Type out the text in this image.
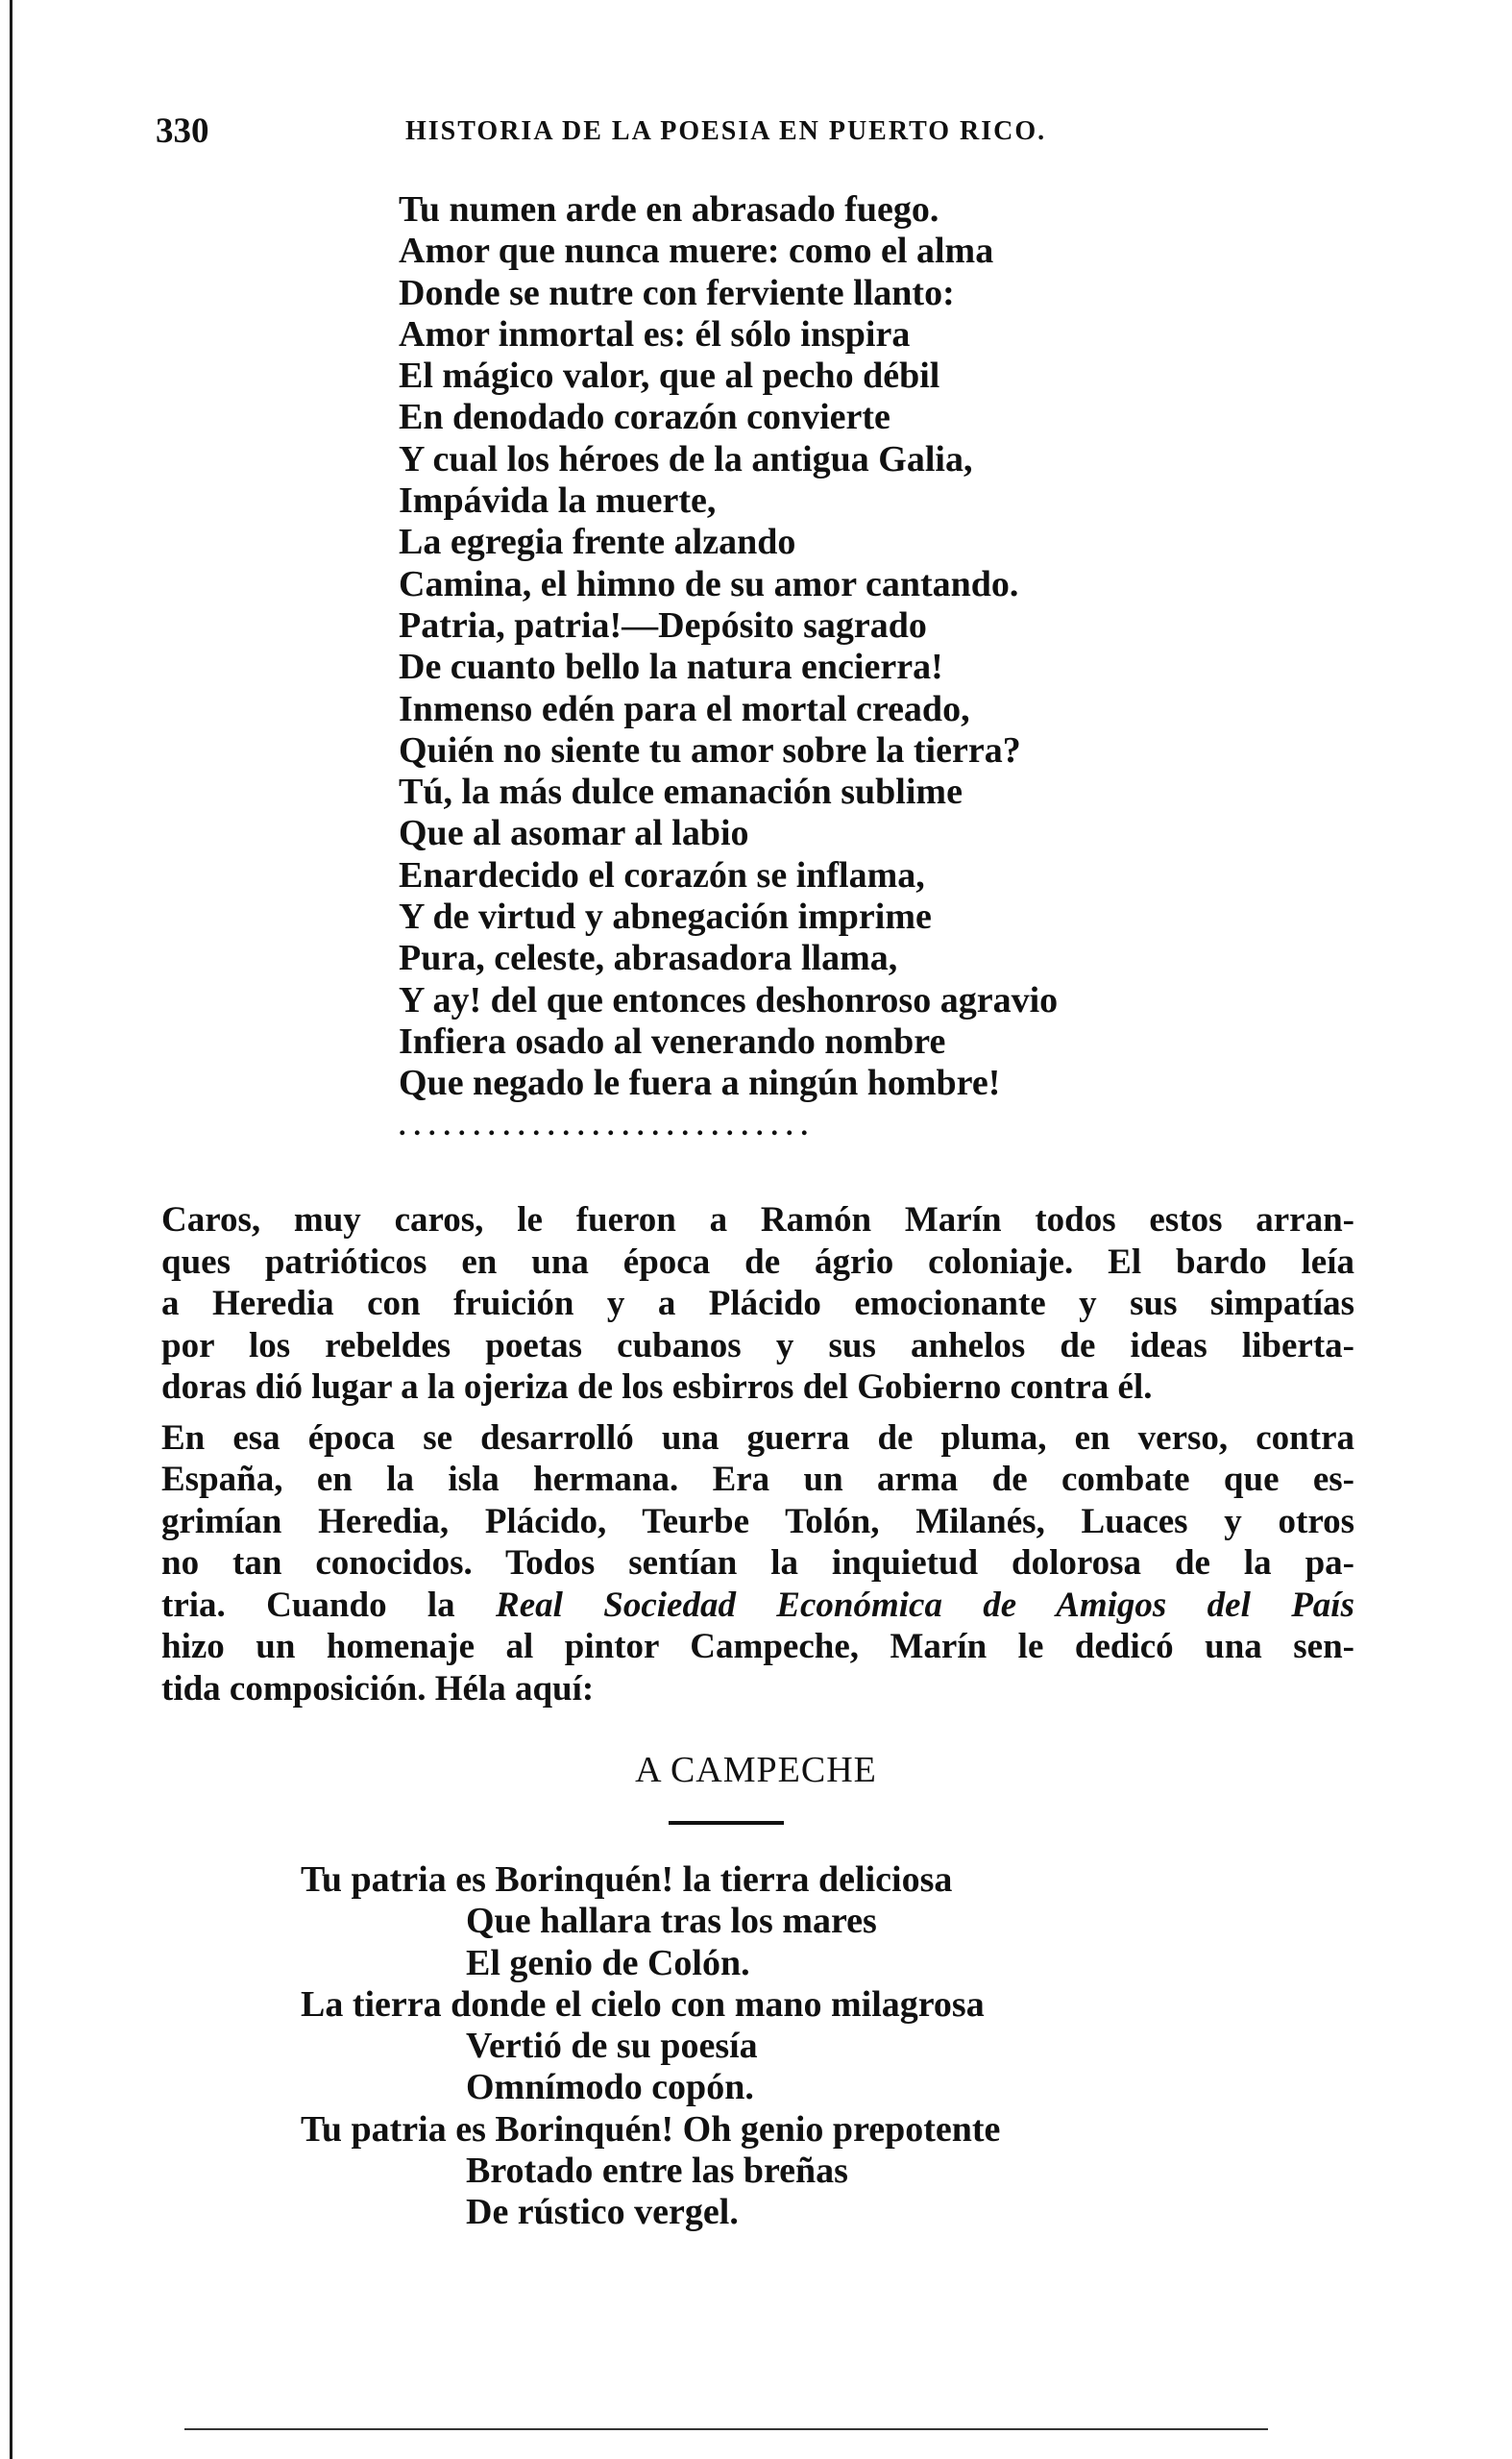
330	HISTORIA DE LA POESIA EN PUERTO RICO.
Tu numen arde en abrasado fuego.
Amor que nunca muere: como el alma
Donde se nutre con ferviente llanto:
Amor inmortal es: él sólo inspira
El mágico valor, que al pecho débil
En denodado corazón convierte
Y cual los héroes de la antigua Galia,
Impávida la muerte,
La egregia frente alzando
Camina, el himno de su amor cantando.
Patria, patria!—Depósito sagrado
De cuanto bello la natura encierra!
Inmenso edén para el mortal creado,
Quién no siente tu amor sobre la tierra?
Tú, la más dulce emanación sublime
Que al asomar al labio
Enardecido el corazón se inflama,
Y de virtud y abnegación imprime
Pura, celeste, abrasadora llama,
Y ay! del que entonces deshonroso agravio
Infiera osado al venerando nombre
Que negado le fuera a ningún hombre!
............................
Caros, muy caros, le fueron a Ramón Marín todos estos arran-
ques patrióticos en una época de ágrio coloniaje. El bardo leía
a Heredia con fruición y a Plácido emocionante y sus simpatías
por los rebeldes poetas cubanos y sus anhelos de ideas liberta-
doras dió lugar a la ojeriza de los esbirros del Gobierno contra él.
En esa época se desarrolló una guerra de pluma, en verso, contra
España, en la isla hermana. Era un arma de combate que es-
grimían Heredia, Plácido, Teurbe Tolón, Milanés, Luaces y otros
no tan conocidos. Todos sentían la inquietud dolorosa de la pa-
tria. Cuando la Real Sociedad Económica de Amigos del País
hizo un homenaje al pintor Campeche, Marín le dedicó una sen-
tida composición. Héla aquí:
A CAMPECHE
Tu patria es Borinquén! la tierra deliciosa
Que hallara tras los mares
El genio de Colón.
La tierra donde el cielo con mano milagrosa
Vertió de su poesía
Omnímodo copón.
Tu patria es Borinquén! Oh genio prepotente
Brotado entre las breñas
De rústico vergel.
